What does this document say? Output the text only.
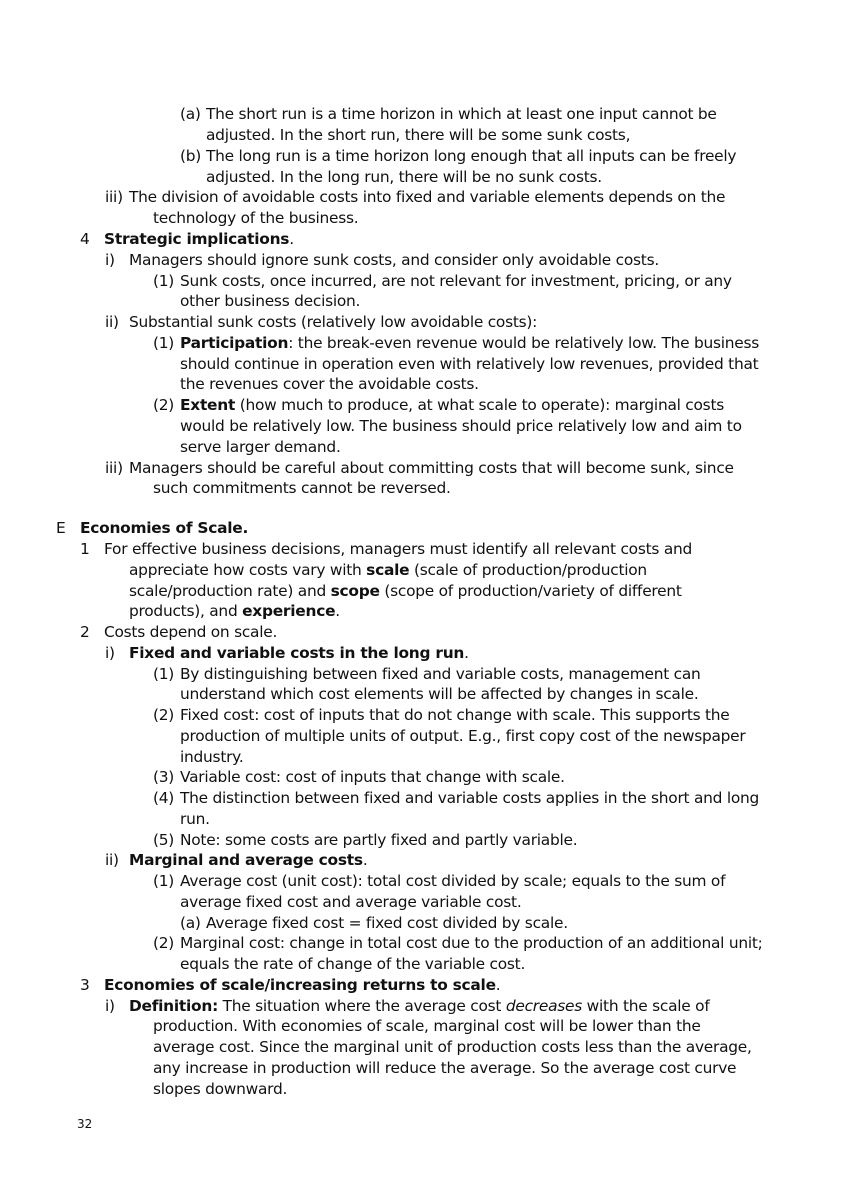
(a) The short run is a time horizon in which at least one input cannot be
adjusted. In the short run, there will be some sunk costs,
(b) The long run is a time horizon long enough that all inputs can be freely
adjusted. In the long run, there will be no sunk costs.
iii) The division of avoidable costs into fixed and variable elements depends on the
technology of the business.
4 Strategic implications.
i) Managers should ignore sunk costs, and consider only avoidable costs.
(1) Sunk costs, once incurred, are not relevant for investment, pricing, or any
other business decision.
ii) Substantial sunk costs (relatively low avoidable costs):
(1) Participation: the break-even revenue would be relatively low. The business
should continue in operation even with relatively low revenues, provided that
the revenues cover the avoidable costs.
(2) Extent (how much to produce, at what scale to operate): marginal costs
would be relatively low. The business should price relatively low and aim to
serve larger demand.
iii) Managers should be careful about committing costs that will become sunk, since
such commitments cannot be reversed.
E Economies of Scale.
1 For effective business decisions, managers must identify all relevant costs and
appreciate how costs vary with scale (scale of production/production
scale/production rate) and scope (scope of production/variety of different
products), and experience.
2 Costs depend on scale.
i) Fixed and variable costs in the long run.
(1) By distinguishing between fixed and variable costs, management can
understand which cost elements will be affected by changes in scale.
(2) Fixed cost: cost of inputs that do not change with scale. This supports the
production of multiple units of output. E.g., first copy cost of the newspaper
industry.
(3) Variable cost: cost of inputs that change with scale.
(4) The distinction between fixed and variable costs applies in the short and long
run.
(5) Note: some costs are partly fixed and partly variable.
ii) Marginal and average costs.
(1) Average cost (unit cost): total cost divided by scale; equals to the sum of
average fixed cost and average variable cost.
(a) Average fixed cost = fixed cost divided by scale.
(2) Marginal cost: change in total cost due to the production of an additional unit;
equals the rate of change of the variable cost.
3 Economies of scale/increasing returns to scale.
i) Definition: The situation where the average cost decreases with the scale of
production. With economies of scale, marginal cost will be lower than the
average cost. Since the marginal unit of production costs less than the average,
any increase in production will reduce the average. So the average cost curve
slopes downward.
32
